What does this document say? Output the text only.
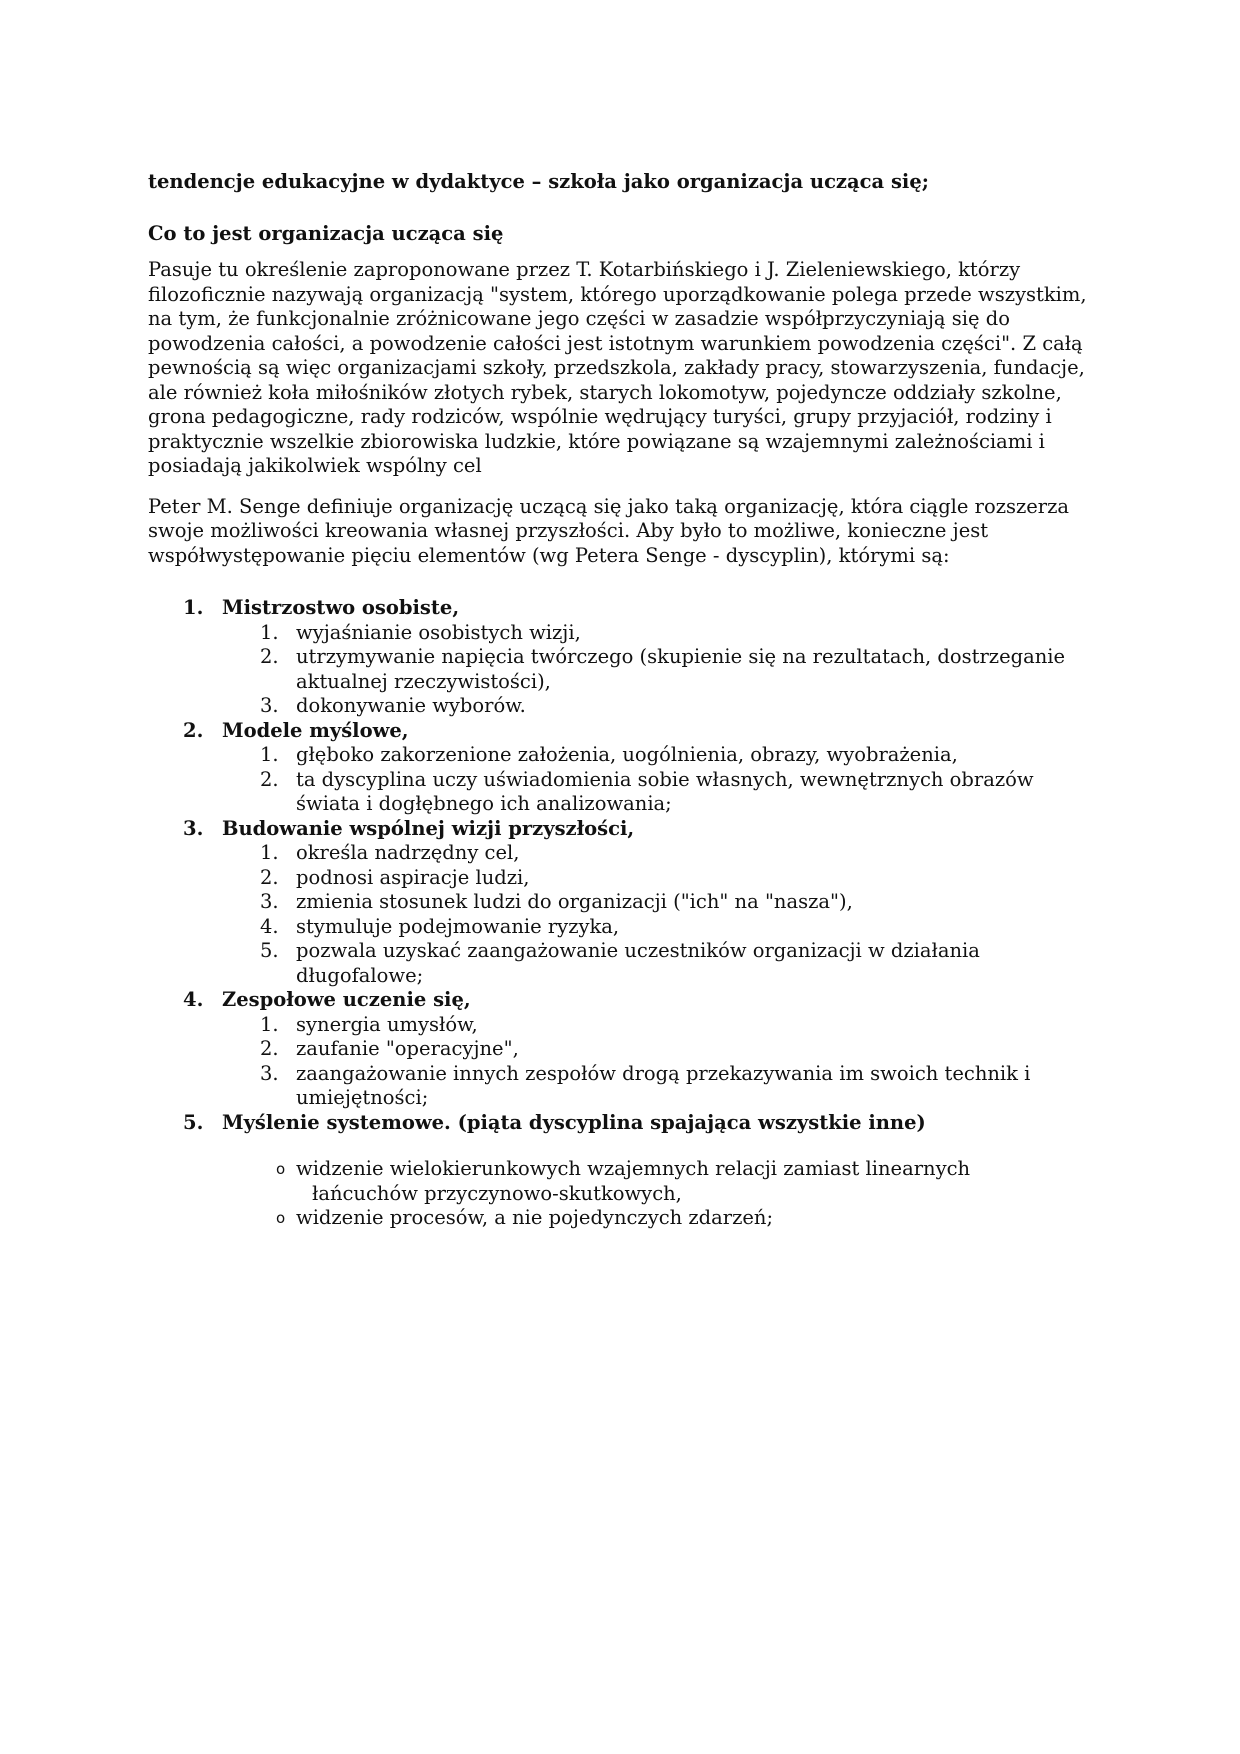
tendencje edukacyjne w dydaktyce – szkoła jako organizacja ucząca się;
Co to jest organizacja ucząca się
Pasuje tu określenie zaproponowane przez T. Kotarbińskiego i J. Zieleniewskiego, którzy filozoficznie nazywają organizacją "system, którego uporządkowanie polega przede wszystkim, na tym, że funkcjonalnie zróżnicowane jego części w zasadzie współprzyczyniają się do powodzenia całości, a powodzenie całości jest istotnym warunkiem powodzenia części". Z całą pewnością są więc organizacjami szkoły, przedszkola, zakłady pracy, stowarzyszenia, fundacje, ale również koła miłośników złotych rybek, starych lokomotyw, pojedyncze oddziały szkolne, grona pedagogiczne, rady rodziców, wspólnie wędrujący turyści, grupy przyjaciół, rodziny i praktycznie wszelkie zbiorowiska ludzkie, które powiązane są wzajemnymi zależnościami i posiadają jakikolwiek wspólny cel
Peter M. Senge definiuje organizację uczącą się jako taką organizację, która ciągle rozszerza swoje możliwości kreowania własnej przyszłości. Aby było to możliwe, konieczne jest współwystępowanie pięciu elementów (wg Petera Senge - dyscyplin), którymi są:
1. Mistrzostwo osobiste,
1. wyjaśnianie osobistych wizji,
2. utrzymywanie napięcia twórczego (skupienie się na rezultatach, dostrzeganie aktualnej rzeczywistości),
3. dokonywanie wyborów.
2. Modele myślowe,
1. głęboko zakorzenione założenia, uogólnienia, obrazy, wyobrażenia,
2. ta dyscyplina uczy uświadomienia sobie własnych, wewnętrznych obrazów świata i dogłębnego ich analizowania;
3. Budowanie wspólnej wizji przyszłości,
1. określa nadrzędny cel,
2. podnosi aspiracje ludzi,
3. zmienia stosunek ludzi do organizacji ("ich" na "nasza"),
4. stymuluje podejmowanie ryzyka,
5. pozwala uzyskać zaangażowanie uczestników organizacji w działania długofalowe;
4. Zespołowe uczenie się,
1. synergia umysłów,
2. zaufanie "operacyjne",
3. zaangażowanie innych zespołów drogą przekazywania im swoich technik i umiejętności;
5. Myślenie systemowe. (piąta dyscyplina spajająca wszystkie inne)
o widzenie wielokierunkowych wzajemnych relacji zamiast linearnych

łańcuchów przyczynowo-skutkowych,
o widzenie procesów, a nie pojedynczych zdarzeń;
